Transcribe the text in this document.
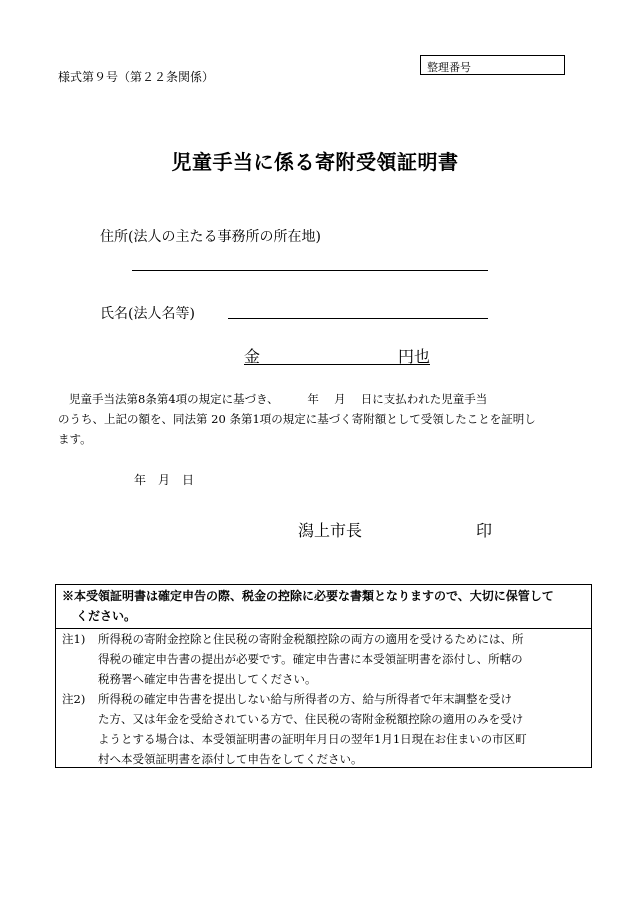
様式第９号（第２２条関係）
整理番号
児童手当に係る寄附受領証明書
住所(法人の主たる事務所の所在地)
氏名(法人名等)
金	円也
児童手当法第8条第4項の規定に基づき、　　　年　 月　 日に支払われた児童手当
のうち、上記の額を、同法第 20 条第1項の規定に基づく寄附額として受領したことを証明し
ます。
年　月　日
潟上市長	印
※本受領証明書は確定申告の際、税金の控除に必要な書類となりますので、大切に保管して
ください。
注1)	所得税の寄附金控除と住民税の寄附金税額控除の両方の適用を受けるためには、所
得税の確定申告書の提出が必要です。確定申告書に本受領証明書を添付し、所轄の
税務署へ確定申告書を提出してください。
注2)	所得税の確定申告書を提出しない給与所得者の方、給与所得者で年末調整を受け
た方、又は年金を受給されている方で、住民税の寄附金税額控除の適用のみを受け
ようとする場合は、本受領証明書の証明年月日の翌年1月1日現在お住まいの市区町
村へ本受領証明書を添付して申告をしてください。
